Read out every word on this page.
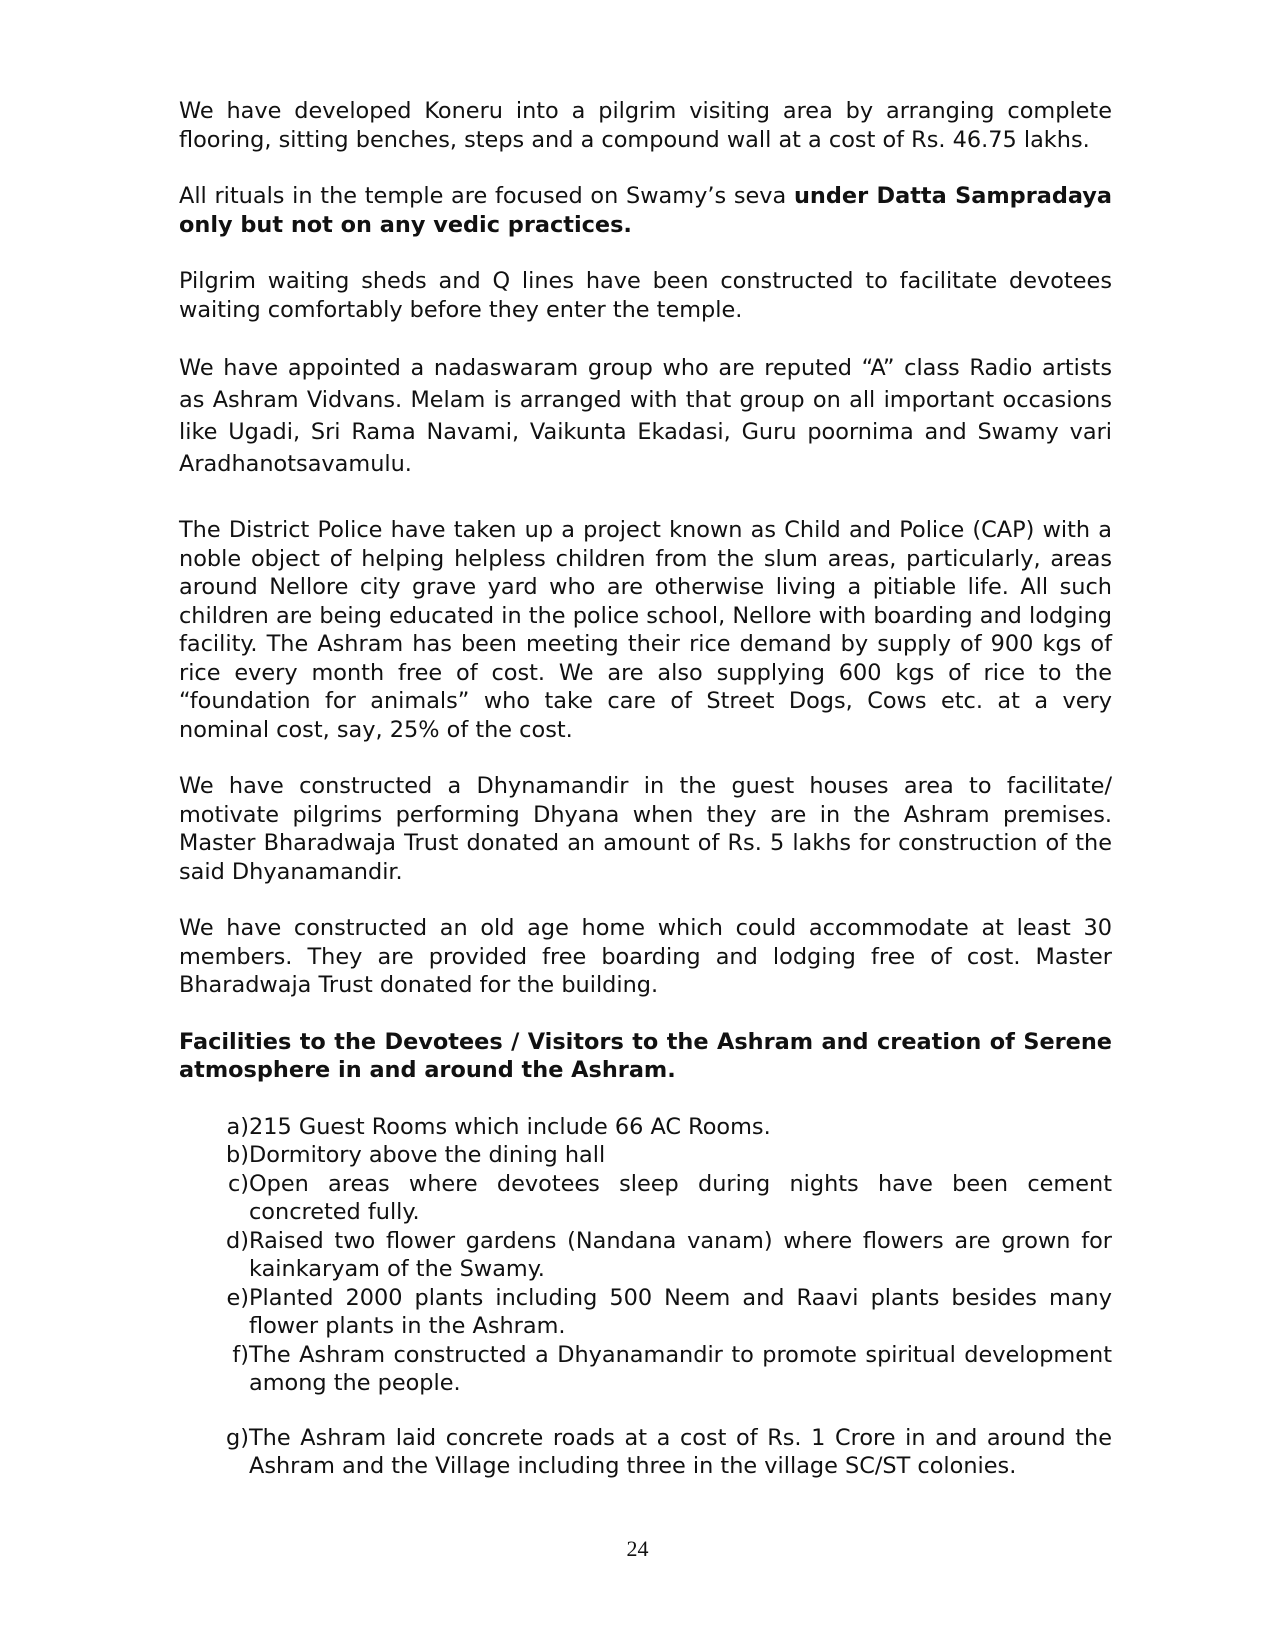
We have developed Koneru into a pilgrim visiting area by arranging complete flooring, sitting benches, steps and a compound wall at a cost of Rs. 46.75 lakhs.

All rituals in the temple are focused on Swamy’s seva under Datta Sampradaya only but not on any vedic practices.

Pilgrim waiting sheds and Q lines have been constructed to facilitate devotees waiting comfortably before they enter the temple.

We have appointed a nadaswaram group who are reputed “A” class Radio artists as Ashram Vidvans. Melam is arranged with that group on all important occasions like Ugadi, Sri Rama Navami, Vaikunta Ekadasi, Guru poornima and Swamy vari Aradhanotsavamulu.

The District Police have taken up a project known as Child and Police (CAP) with a noble object of helping helpless children from the slum areas, particularly, areas around Nellore city grave yard who are otherwise living a pitiable life. All such children are being educated in the police school, Nellore with boarding and lodging facility. The Ashram has been meeting their rice demand by supply of 900 kgs of rice every month free of cost. We are also supplying 600 kgs of rice to the “foundation for animals” who take care of Street Dogs, Cows etc. at a very nominal cost, say, 25% of the cost.

We have constructed a Dhynamandir in the guest houses area to facilitate/ motivate pilgrims performing Dhyana when they are in the Ashram premises. Master Bharadwaja Trust donated an amount of Rs. 5 lakhs for construction of the said Dhyanamandir.

We have constructed an old age home which could accommodate at least 30 members. They are provided free boarding and lodging free of cost. Master Bharadwaja Trust donated for the building.

Facilities to the Devotees / Visitors to the Ashram and creation of Serene atmosphere in and around the Ashram.

a) 215 Guest Rooms which include 66 AC Rooms.
b) Dormitory above the dining hall
c) Open areas where devotees sleep during nights have been cement concreted fully.
d) Raised two flower gardens (Nandana vanam) where flowers are grown for kainkaryam of the Swamy.
e) Planted 2000 plants including 500 Neem and Raavi plants besides many flower plants in the Ashram.
f) The Ashram constructed a Dhyanamandir to promote spiritual development among the people.
g) The Ashram laid concrete roads at a cost of Rs. 1 Crore in and around the Ashram and the Village including three in the village SC/ST colonies.
24
